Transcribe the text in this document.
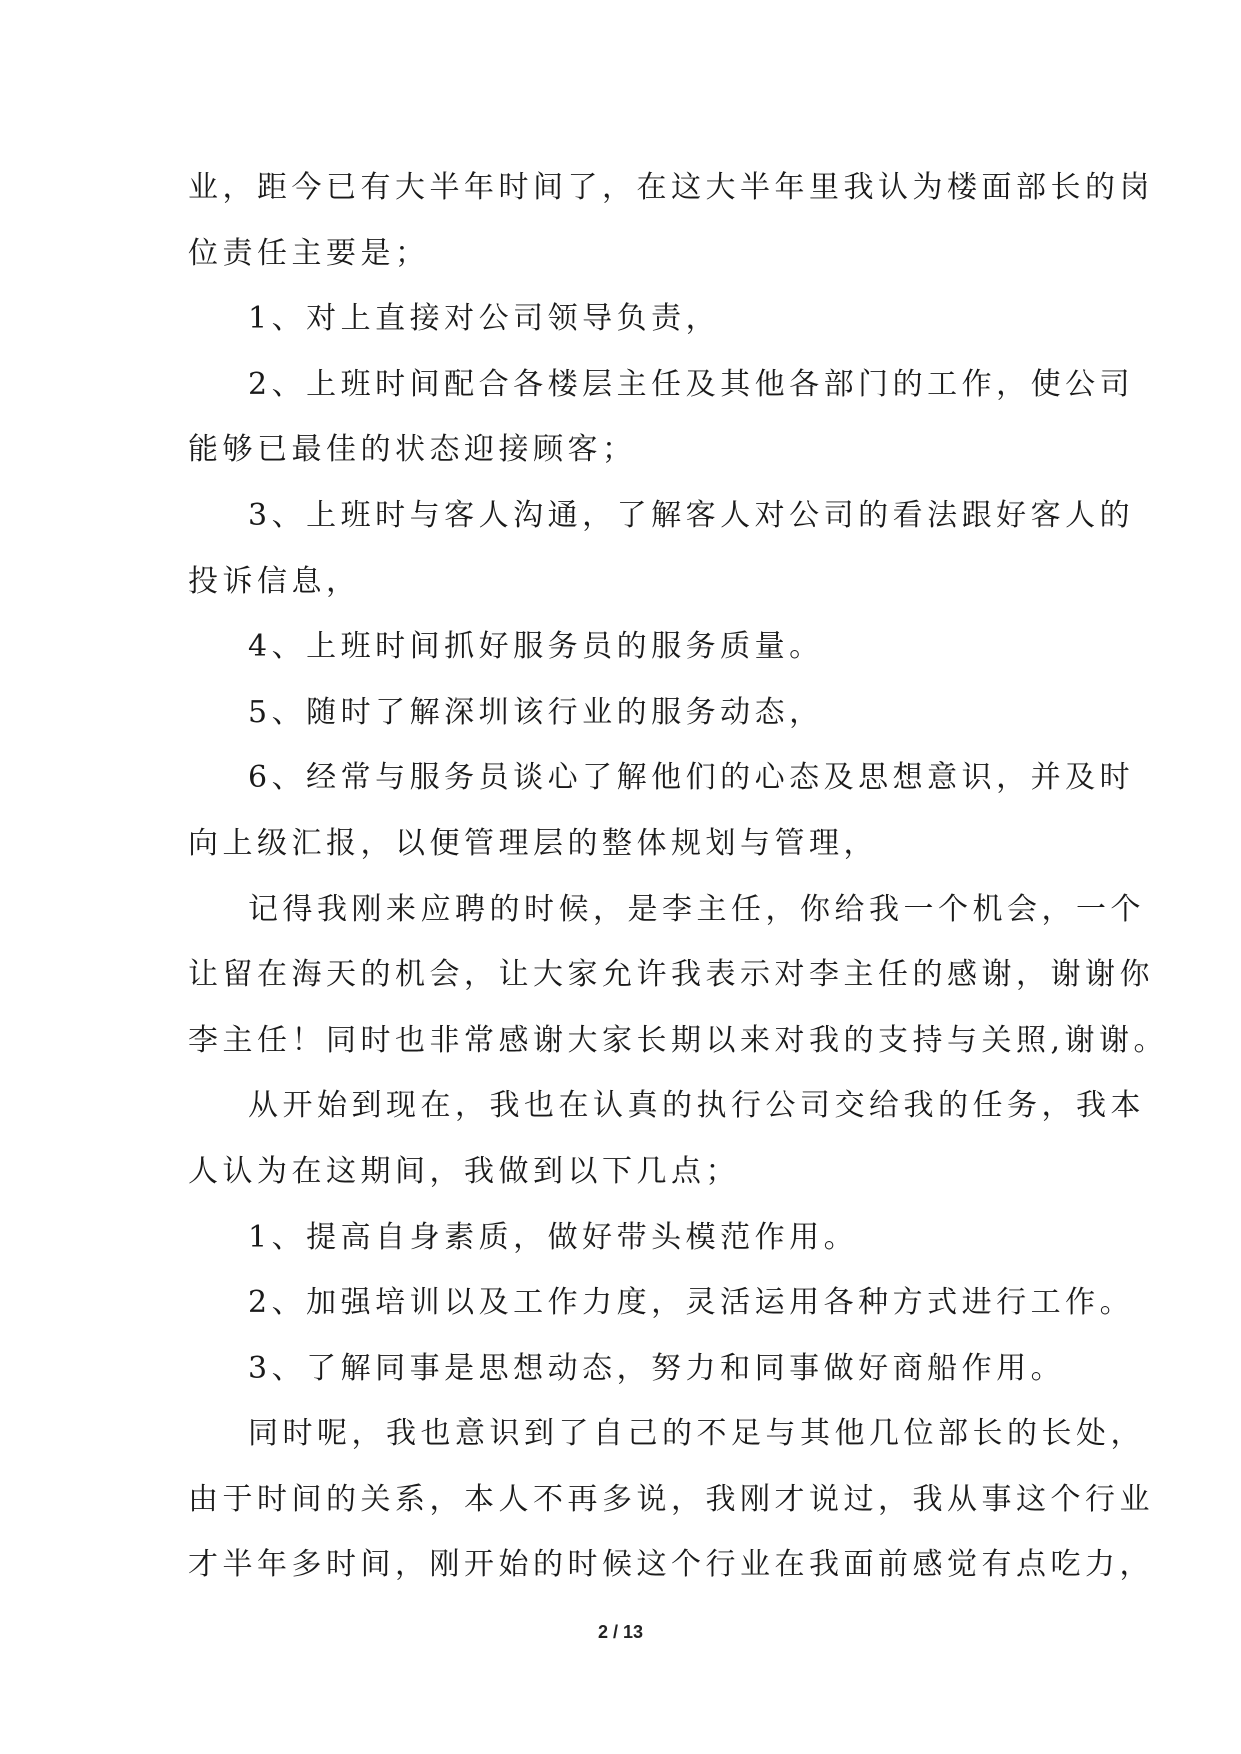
业，距今已有大半年时间了，在这大半年里我认为楼面部长的岗
位责任主要是；
1、对上直接对公司领导负责，
2、上班时间配合各楼层主任及其他各部门的工作，使公司
能够已最佳的状态迎接顾客；
3、上班时与客人沟通，了解客人对公司的看法跟好客人的
投诉信息，
4、上班时间抓好服务员的服务质量。
5、随时了解深圳该行业的服务动态，
6、经常与服务员谈心了解他们的心态及思想意识，并及时
向上级汇报，以便管理层的整体规划与管理，
记得我刚来应聘的时候，是李主任，你给我一个机会，一个
让留在海天的机会，让大家允许我表示对李主任的感谢，谢谢你
李主任！同时也非常感谢大家长期以来对我的支持与关照,谢谢。
从开始到现在，我也在认真的执行公司交给我的任务，我本
人认为在这期间，我做到以下几点；
1、提高自身素质，做好带头模范作用。
2、加强培训以及工作力度，灵活运用各种方式进行工作。
3、了解同事是思想动态，努力和同事做好商船作用。
同时呢，我也意识到了自己的不足与其他几位部长的长处，
由于时间的关系，本人不再多说，我刚才说过，我从事这个行业
才半年多时间，刚开始的时候这个行业在我面前感觉有点吃力，
2 / 13
